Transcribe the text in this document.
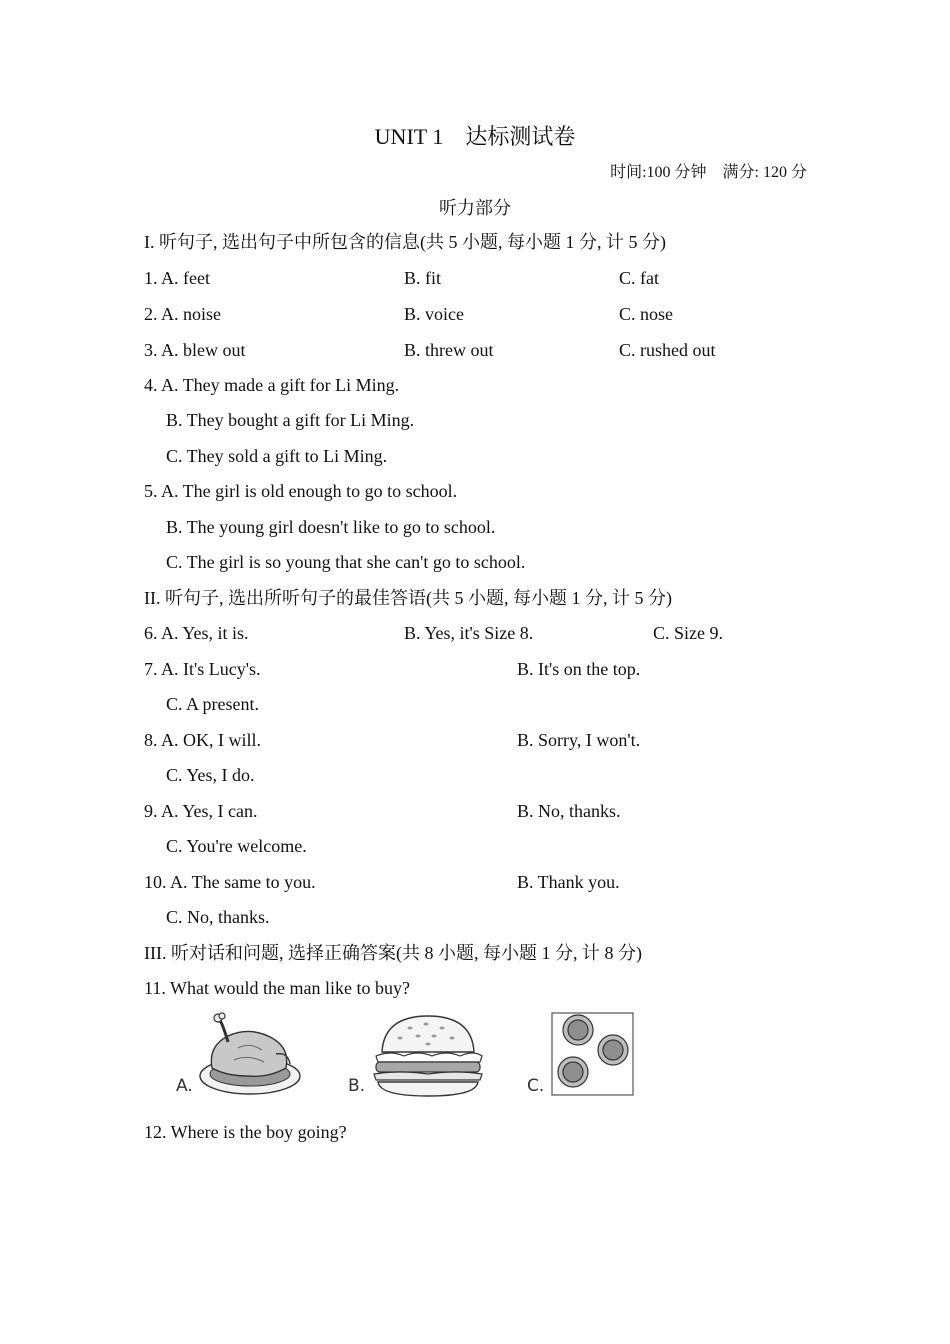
UNIT 1　达标测试卷
时间:100 分钟　满分: 120 分
听力部分
I. 听句子, 选出句子中所包含的信息(共 5 小题, 每小题 1 分, 计 5 分)
1. A. feet	B. fit	C. fat
2. A. noise	B. voice	C. nose
3. A. blew out	B. threw out	C. rushed out
4. A. They made a gift for Li Ming.
B. They bought a gift for Li Ming.
C. They sold a gift to Li Ming.
5. A. The girl is old enough to go to school.
B. The young girl doesn't like to go to school.
C. The girl is so young that she can't go to school.
II. 听句子, 选出所听句子的最佳答语(共 5 小题, 每小题 1 分, 计 5 分)
6. A. Yes, it is.	B. Yes, it's Size 8.	C. Size 9.
7. A. It's Lucy's.	B. It's on the top.
C. A present.
8. A. OK, I will.	B. Sorry, I won't.
C. Yes, I do.
9. A. Yes, I can.	B. No, thanks.
C. You're welcome.
10. A. The same to you.	B. Thank you.
C. No, thanks.
III. 听对话和问题, 选择正确答案(共 8 小题, 每小题 1 分, 计 8 分)
11. What would the man like to buy?
A.	B.	C.
12. Where is the boy going?
